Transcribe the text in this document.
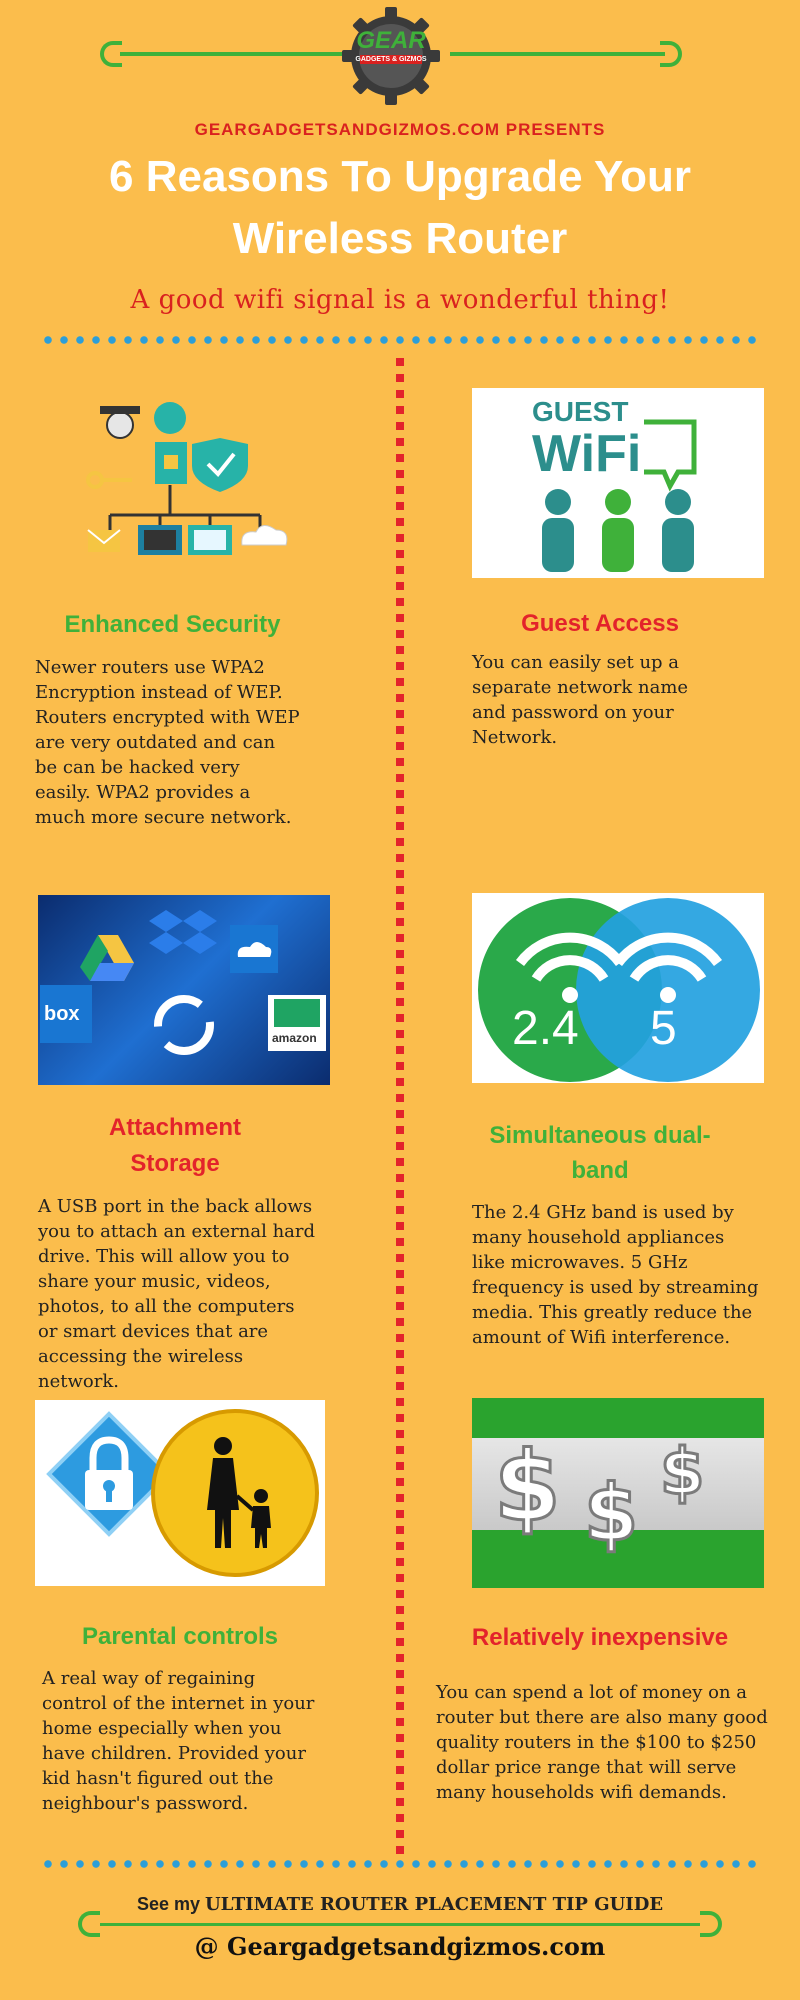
GEAR
GADGETS & GIZMOS
GEARGADGETSANDGIZMOS.COM PRESENTS
6 Reasons To Upgrade Your
Wireless Router
A good wifi signal is a wonderful thing!
Enhanced Security
Newer routers use WPA2 Encryption instead of WEP. Routers encrypted with WEP are very outdated and can be can be hacked very easily. WPA2 provides a much more secure network.
GUEST
WiFi
Guest Access
You can easily set up a separate network name and password on your Network.
box
amazon
Attachment
Storage
A USB port in the back allows you to attach an external hard drive. This will allow you to share your music, videos, photos, to all the computers or smart devices that are accessing the wireless network.
2.4 5
Simultaneous dual-
band
The 2.4 GHz band is used by many household appliances like microwaves. 5 GHz frequency is used by streaming media. This greatly reduce the amount of Wifi interference.
Parental controls
A real way of regaining control of the internet in your home especially when you have children. Provided your kid hasn't figured out the neighbour's password.
$ $ $
Relatively inexpensive
You can spend a lot of money on a router but there are also many good quality routers in the $100 to $250 dollar price range that will serve many households wifi demands.
See my ULTIMATE ROUTER PLACEMENT TIP GUIDE
@ Geargadgetsandgizmos.com
